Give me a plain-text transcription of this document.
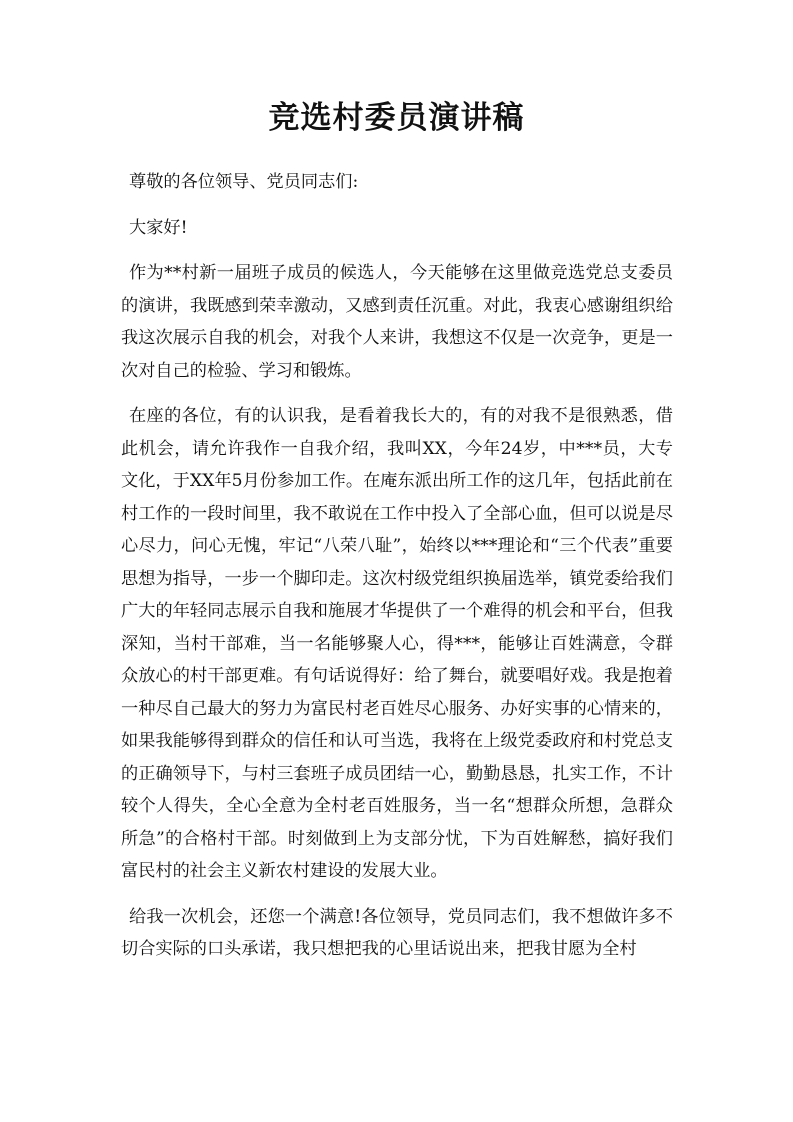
竞选村委员演讲稿

尊敬的各位领导、党员同志们:

大家好!

作为**村新一届班子成员的候选人，今天能够在这里做竞选党总支委员的演讲，我既感到荣幸激动，又感到责任沉重。对此，我衷心感谢组织给我这次展示自我的机会，对我个人来讲，我想这不仅是一次竞争，更是一次对自己的检验、学习和锻炼。

在座的各位，有的认识我，是看着我长大的，有的对我不是很熟悉，借此机会，请允许我作一自我介绍，我叫XX，今年24岁，中***员，大专文化，于XX年5月份参加工作。在庵东派出所工作的这几年，包括此前在村工作的一段时间里，我不敢说在工作中投入了全部心血，但可以说是尽心尽力，问心无愧，牢记“八荣八耻”，始终以***理论和“三个代表”重要思想为指导，一步一个脚印走。这次村级党组织换届选举，镇党委给我们广大的年轻同志展示自我和施展才华提供了一个难得的机会和平台，但我深知，当村干部难，当一名能够聚人心，得***，能够让百姓满意，令群众放心的村干部更难。有句话说得好：给了舞台，就要唱好戏。我是抱着一种尽自己最大的努力为富民村老百姓尽心服务、办好实事的心情来的，如果我能够得到群众的信任和认可当选，我将在上级党委政府和村党总支的正确领导下，与村三套班子成员团结一心，勤勤恳恳，扎实工作，不计较个人得失，全心全意为全村老百姓服务，当一名“想群众所想，急群众所急”的合格村干部。时刻做到上为支部分忧，下为百姓解愁，搞好我们富民村的社会主义新农村建设的发展大业。

给我一次机会，还您一个满意!各位领导，党员同志们，我不想做许多不切合实际的口头承诺，我只想把我的心里话说出来，把我甘愿为全村
